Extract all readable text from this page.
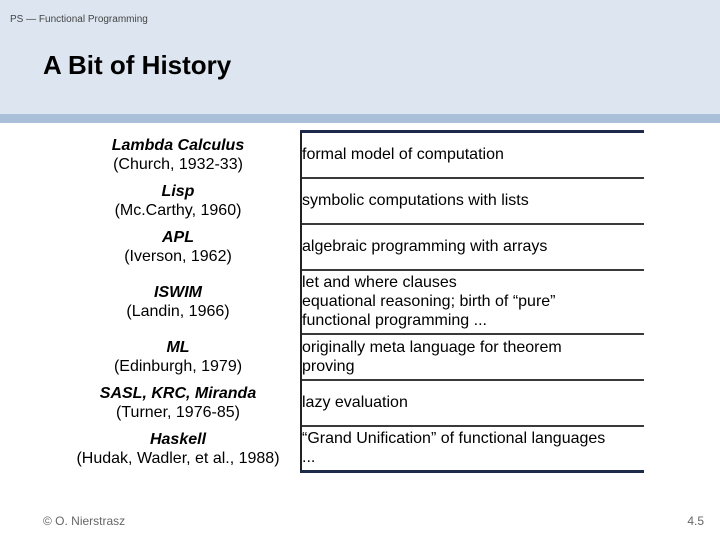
PS — Functional Programming
A Bit of History
Lambda Calculus
(Church, 1932-33)	formal model of computation

Lisp
(Mc.Carthy, 1960)	symbolic computations with lists

APL
(Iverson, 1962)	algebraic programming with arrays

ISWIM
(Landin, 1966)	let and where clauses
equational reasoning; birth of “pure”
functional programming ...

ML
(Edinburgh, 1979)	originally meta language for theorem
proving

SASL, KRC, Miranda
(Turner, 1976-85)	lazy evaluation

Haskell
(Hudak, Wadler, et al., 1988)	“Grand Unification” of functional languages
...
© O. Nierstrasz	4.5
